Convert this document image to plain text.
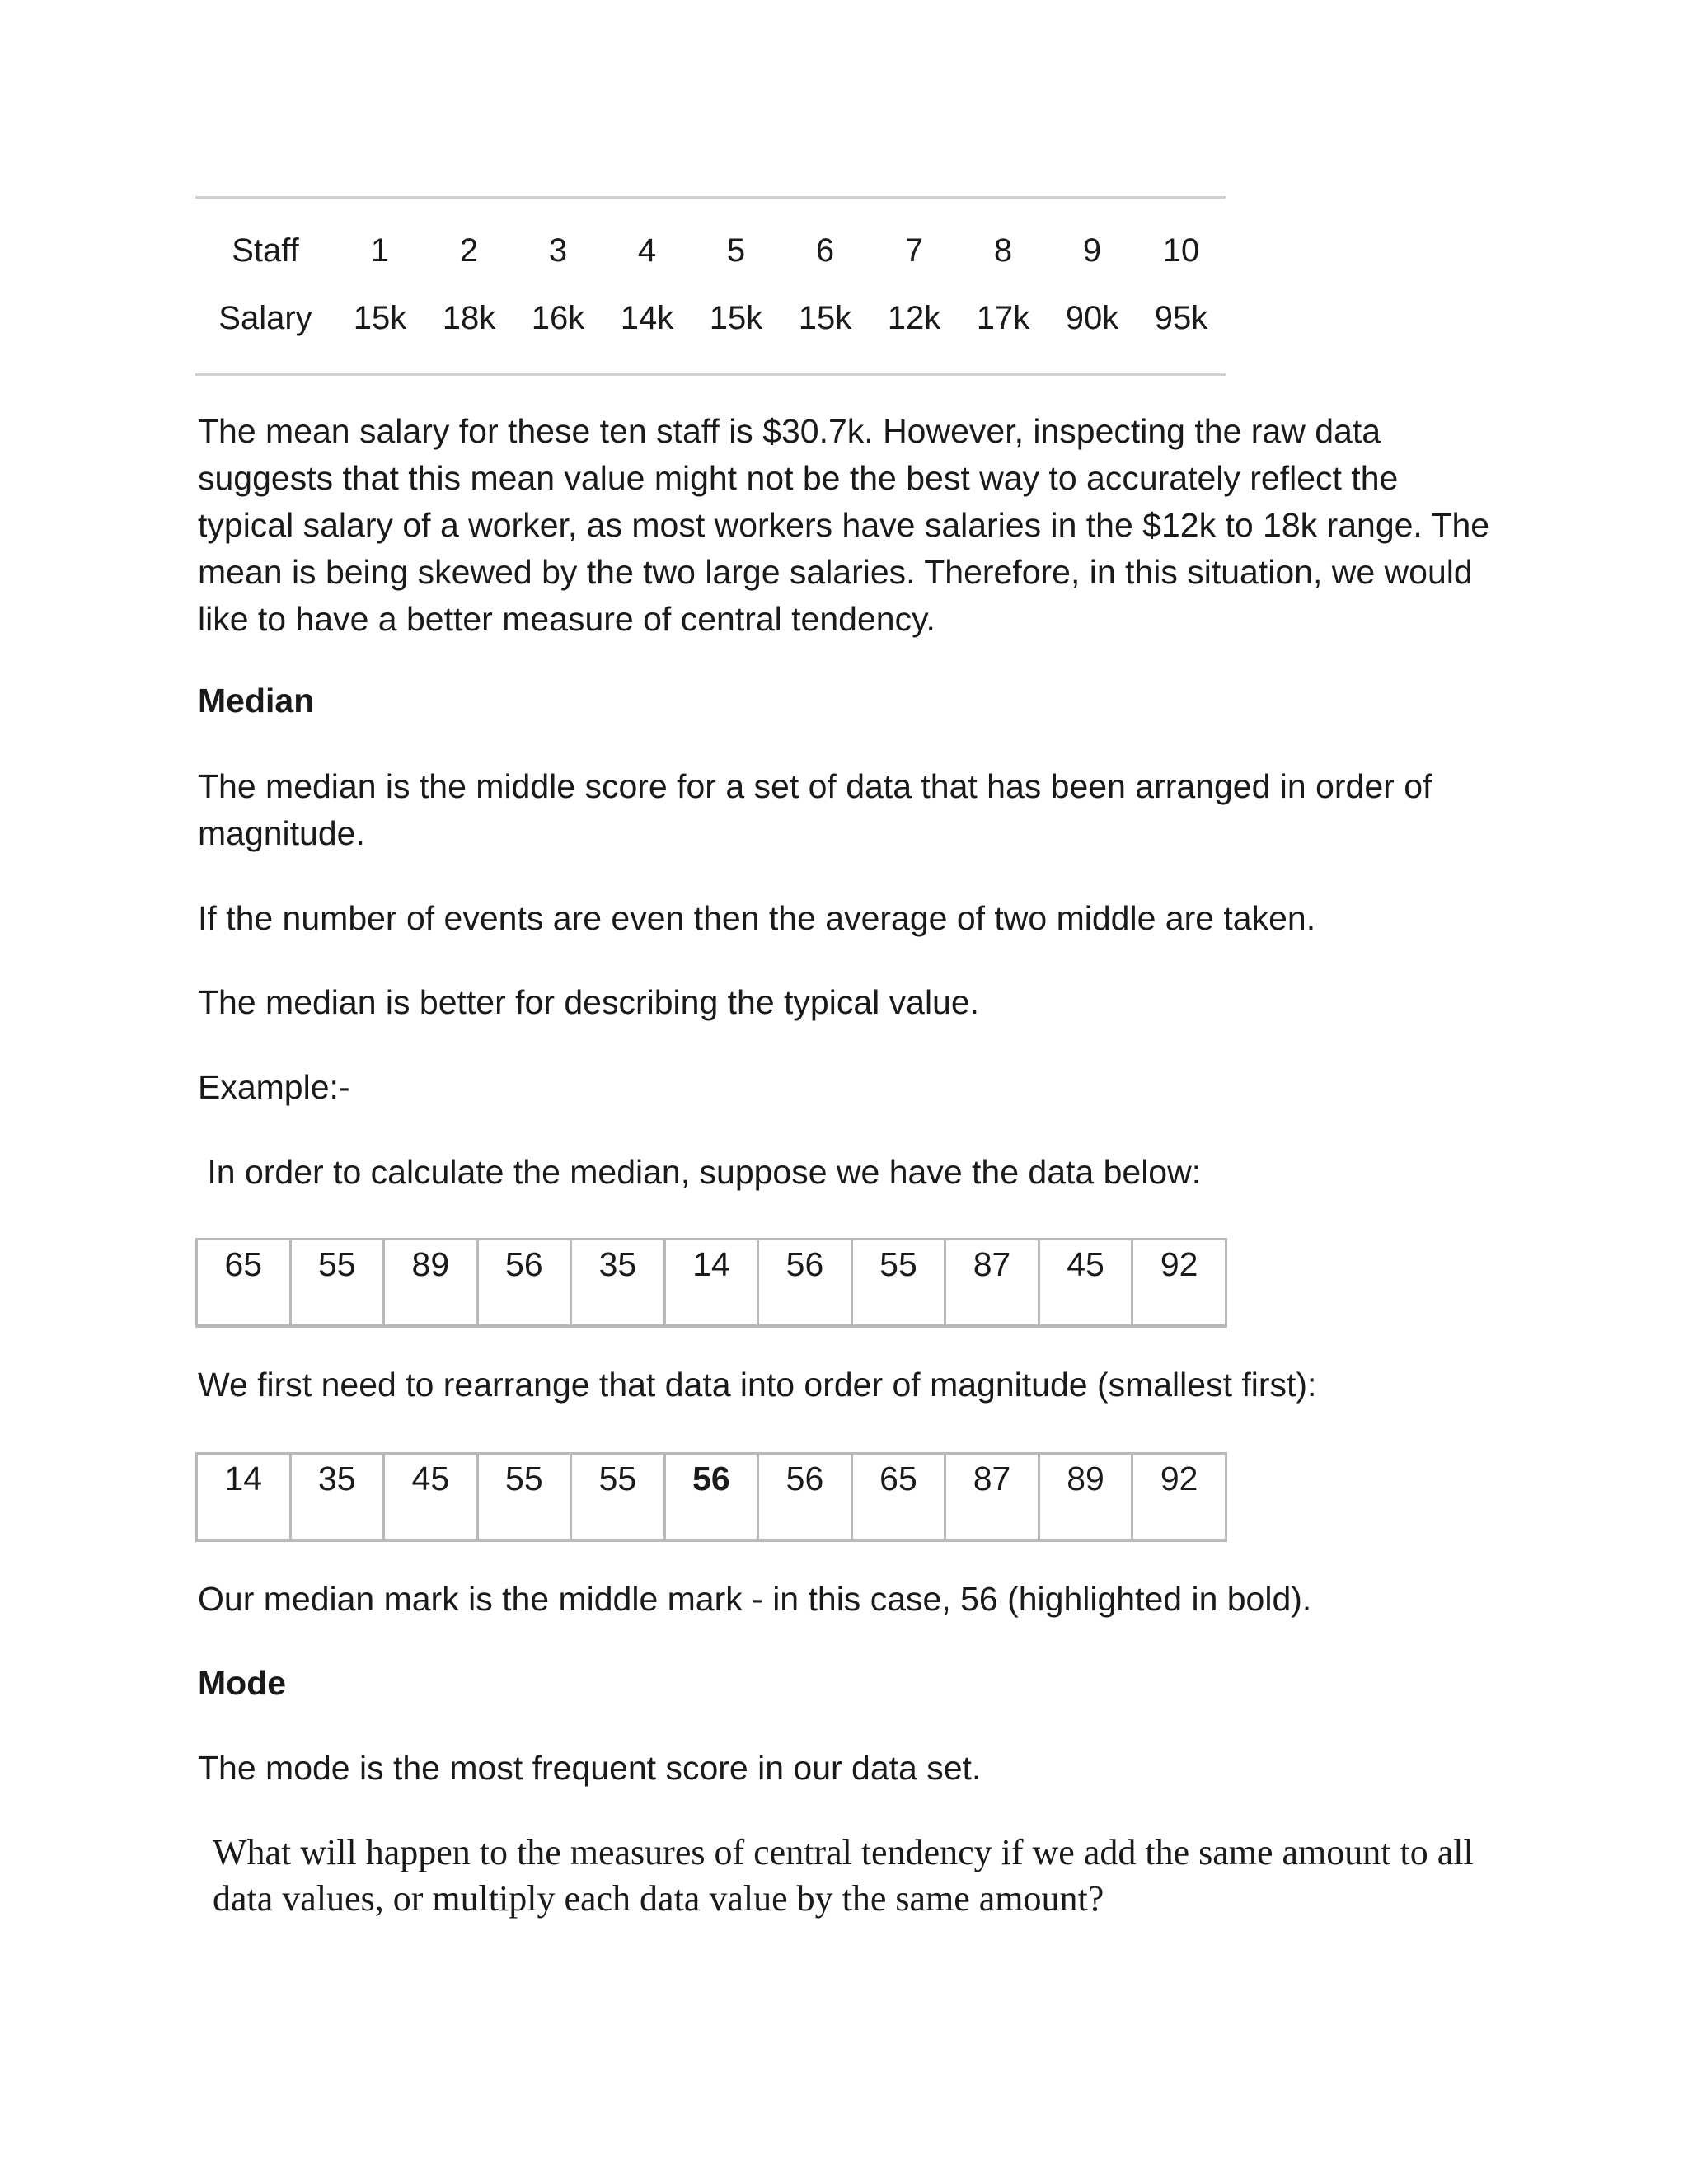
Staff	1	2	3	4	5	6	7	8	9	10
Salary	15k	18k	16k	14k	15k	15k	12k	17k	90k	95k

The mean salary for these ten staff is $30.7k. However, inspecting the raw data suggests that this mean value might not be the best way to accurately reflect the typical salary of a worker, as most workers have salaries in the $12k to 18k range. The mean is being skewed by the two large salaries. Therefore, in this situation, we would like to have a better measure of central tendency.

Median

The median is the middle score for a set of data that has been arranged in order of magnitude.

If the number of events are even then the average of two middle are taken.

The median is better for describing the typical value.

Example:-

In order to calculate the median, suppose we have the data below:

65	55	89	56	35	14	56	55	87	45	92

We first need to rearrange that data into order of magnitude (smallest first):

14	35	45	55	55	56	56	65	87	89	92

Our median mark is the middle mark - in this case, 56 (highlighted in bold).

Mode

The mode is the most frequent score in our data set.

What will happen to the measures of central tendency if we add the same amount to all data values, or multiply each data value by the same amount?
